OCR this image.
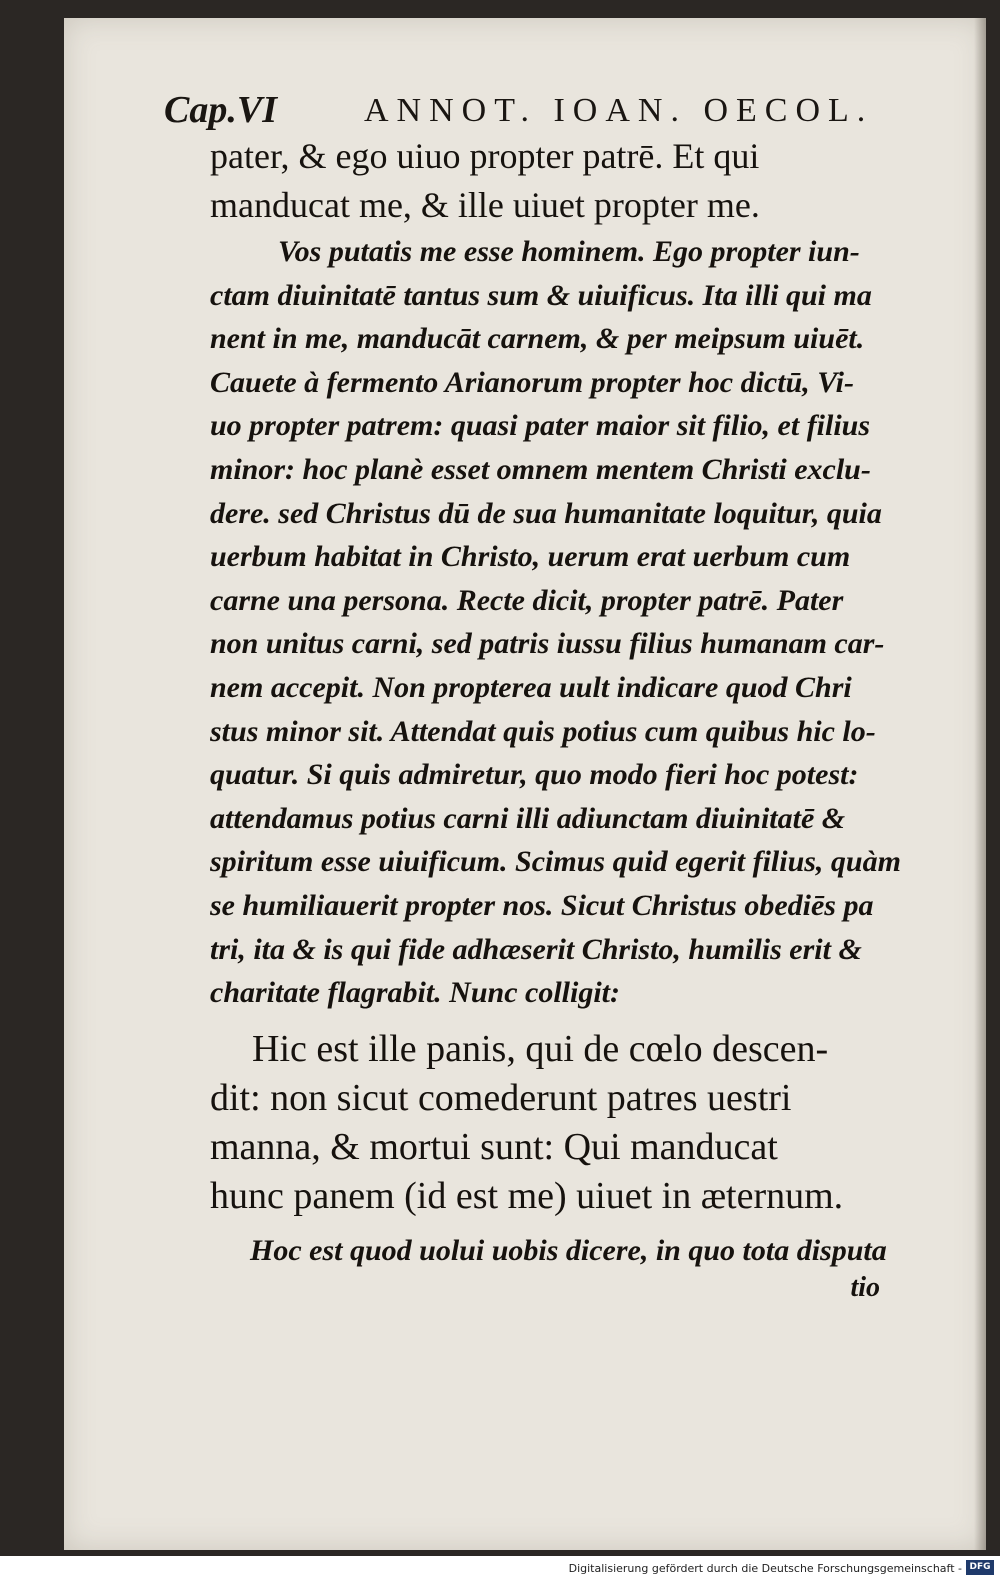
Cap.VI	ANNOT. IOAN. OECOL.
pater, & ego uiuo propter patrē. Et qui
manducat me, & ille uiuet propter me.
Vos putatis me esse hominem. Ego propter iun-
ctam diuinitatē tantus sum & uiuificus. Ita illi qui ma
nent in me, manducāt carnem, & per meipsum uiuēt.
Cauete à fermento Arianorum propter hoc dictū, Vi-
uo propter patrem: quasi pater maior sit filio, et filius
minor: hoc planè esset omnem mentem Christi exclu-
dere. sed Christus dū de sua humanitate loquitur, quia
uerbum habitat in Christo, uerum erat uerbum cum
carne una persona. Recte dicit, propter patrē. Pater
non unitus carni, sed patris iussu filius humanam car-
nem accepit. Non propterea uult indicare quod Chri
stus minor sit. Attendat quis potius cum quibus hic lo-
quatur. Si quis admiretur, quo modo fieri hoc potest:
attendamus potius carni illi adiunctam diuinitatē &
spiritum esse uiuificum. Scimus quid egerit filius, quàm
se humiliauerit propter nos. Sicut Christus obediēs pa
tri, ita & is qui fide adhæserit Christo, humilis erit &
charitate flagrabit. Nunc colligit:
Hic est ille panis, qui de cœlo descen-
dit: non sicut comederunt patres uestri
manna, & mortui sunt: Qui manducat
hunc panem (id est me) uiuet in æternum.
Hoc est quod uolui uobis dicere, in quo tota disputa
tio
Digitalisierung gefördert durch die Deutsche Forschungsgemeinschaft - DFG
